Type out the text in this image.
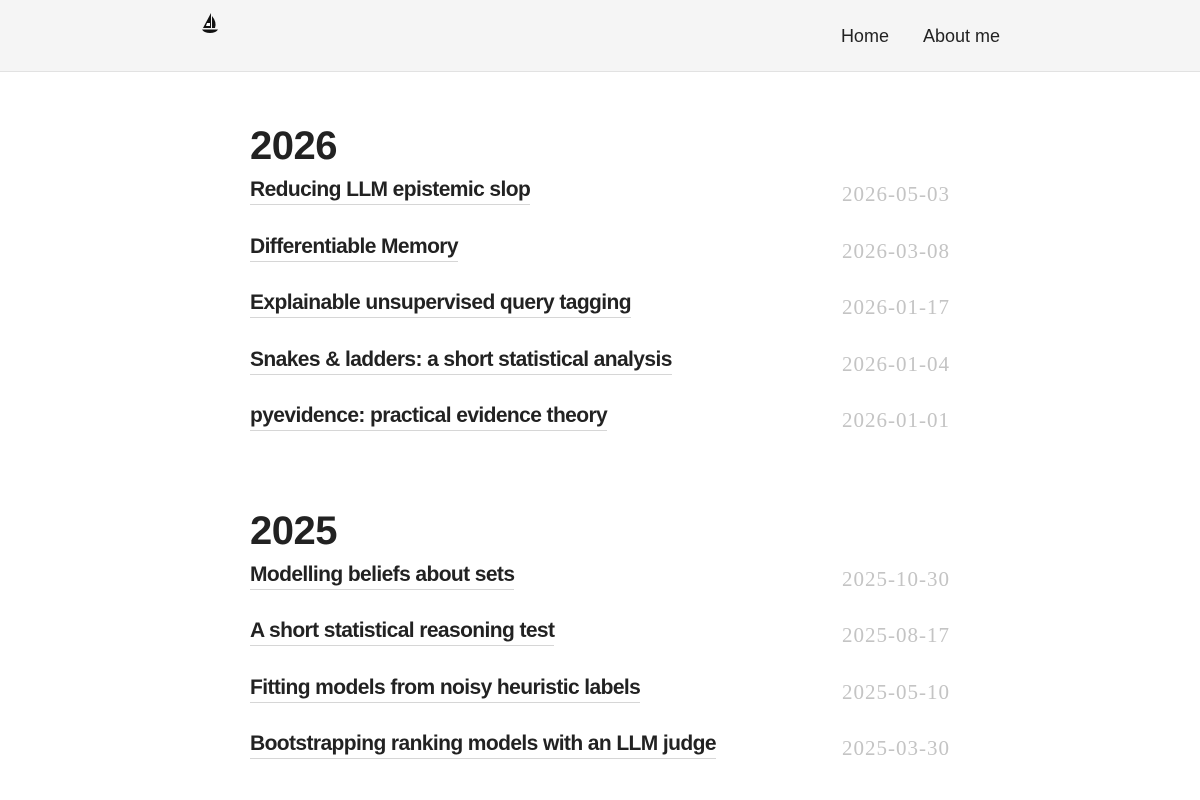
Home About me
2026
Reducing LLM epistemic slop	2026-05-03
Differentiable Memory	2026-03-08
Explainable unsupervised query tagging	2026-01-17
Snakes & ladders: a short statistical analysis	2026-01-04
pyevidence: practical evidence theory	2026-01-01
2025
Modelling beliefs about sets	2025-10-30
A short statistical reasoning test	2025-08-17
Fitting models from noisy heuristic labels	2025-05-10
Bootstrapping ranking models with an LLM judge	2025-03-30
